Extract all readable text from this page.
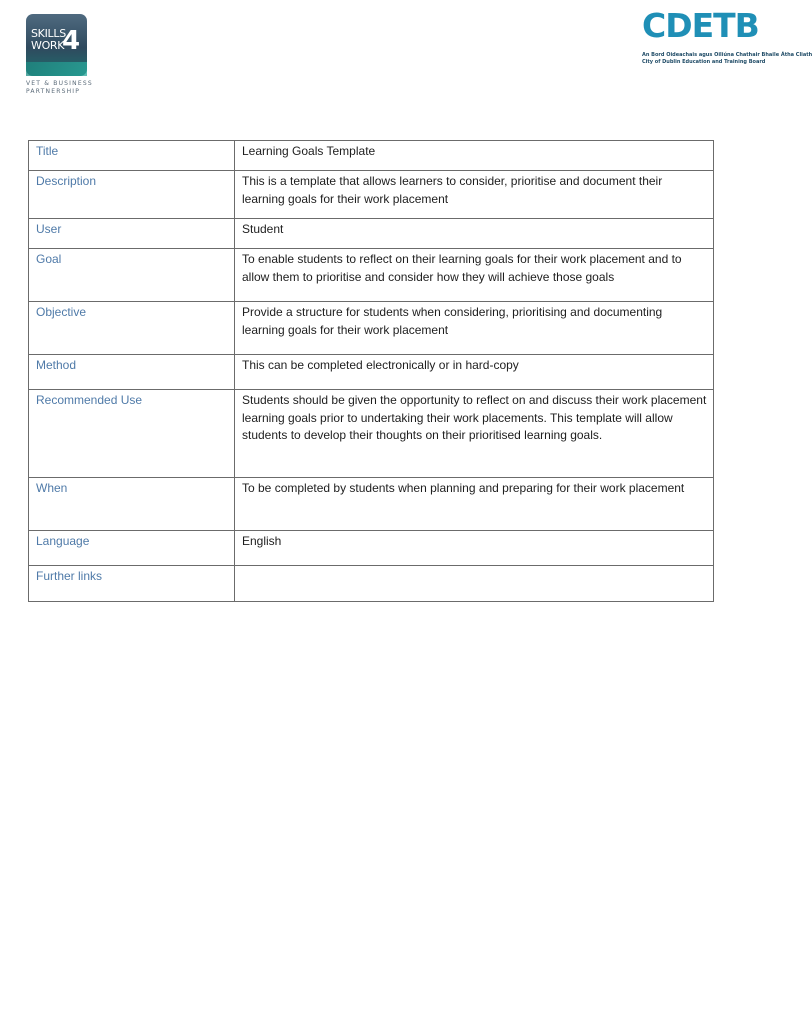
SKILLS
WORK
4
VET & BUSINESS
PARTNERSHIP
CDETB
An Bord Oideachais agus Oiliúna Chathair Bhaile Átha Cliath
City of Dublin Education and Training Board
Title	Learning Goals Template
Description	This is a template that allows learners to consider, prioritise and document their learning goals for their work placement
User	Student
Goal	To enable students to reflect on their learning goals for their work placement and to allow them to prioritise and consider how they will achieve those goals
Objective	Provide a structure for students when considering, prioritising and documenting learning goals for their work placement
Method	This can be completed electronically or in hard-copy
Recommended Use	Students should be given the opportunity to reflect on and discuss their work placement learning goals prior to undertaking their work placements. This template will allow students to develop their thoughts on their prioritised learning goals.
When	To be completed by students when planning and preparing for their work placement
Language	English
Further links	
